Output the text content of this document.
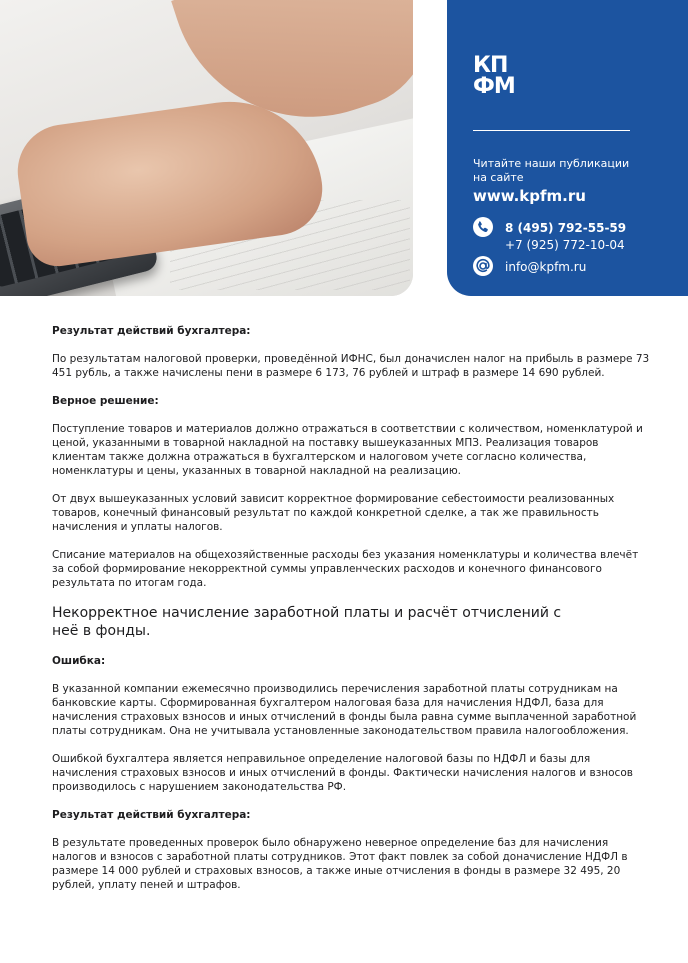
КП
ФМ
Читайте наши публикации на сайте
www.kpfm.ru
8 (495) 792-55-59
+7 (925) 772-10-04
info@kpfm.ru

Результат действий бухгалтера:

По результатам налоговой проверки, проведённой ИФНС, был доначислен налог на прибыль в размере 73 451 рубль, а также начислены пени в размере 6 173, 76 рублей и штраф в размере 14 690 рублей.

Верное решение:

Поступление товаров и материалов должно отражаться в соответствии с количеством, номенклатурой и ценой, указанными в товарной накладной на поставку вышеуказанных МПЗ. Реализация товаров клиентам также должна отражаться в бухгалтерском и налоговом учете согласно количества, номенклатуры и цены, указанных в товарной накладной на реализацию.

От двух вышеуказанных условий зависит корректное формирование себестоимости реализованных товаров, конечный финансовый результат по каждой конкретной сделке, а так же правильность начисления и уплаты налогов.

Списание материалов на общехозяйственные расходы без указания номенклатуры и количества влечёт за собой формирование некорректной суммы управленческих расходов и конечного финансового результата по итогам года.

Некорректное начисление заработной платы и расчёт отчислений с неё в фонды.

Ошибка:

В указанной компании ежемесячно производились перечисления заработной платы сотрудникам на банковские карты. Сформированная бухгалтером налоговая база для начисления НДФЛ, база для начисления страховых взносов и иных отчислений в фонды была равна сумме выплаченной заработной платы сотрудникам. Она не учитывала установленные законодательством правила налогообложения.

Ошибкой бухгалтера является неправильное определение налоговой базы по НДФЛ и базы для начисления страховых взносов и иных отчислений в фонды. Фактически начисления налогов и взносов производилось с нарушением законодательства РФ.

Результат действий бухгалтера:

В результате проведенных проверок было обнаружено неверное определение баз для начисления налогов и взносов с заработной платы сотрудников. Этот факт повлек за собой доначисление НДФЛ в размере 14 000 рублей и страховых взносов, а также иные отчисления в фонды в размере 32 495, 20 рублей, уплату пеней и штрафов.
